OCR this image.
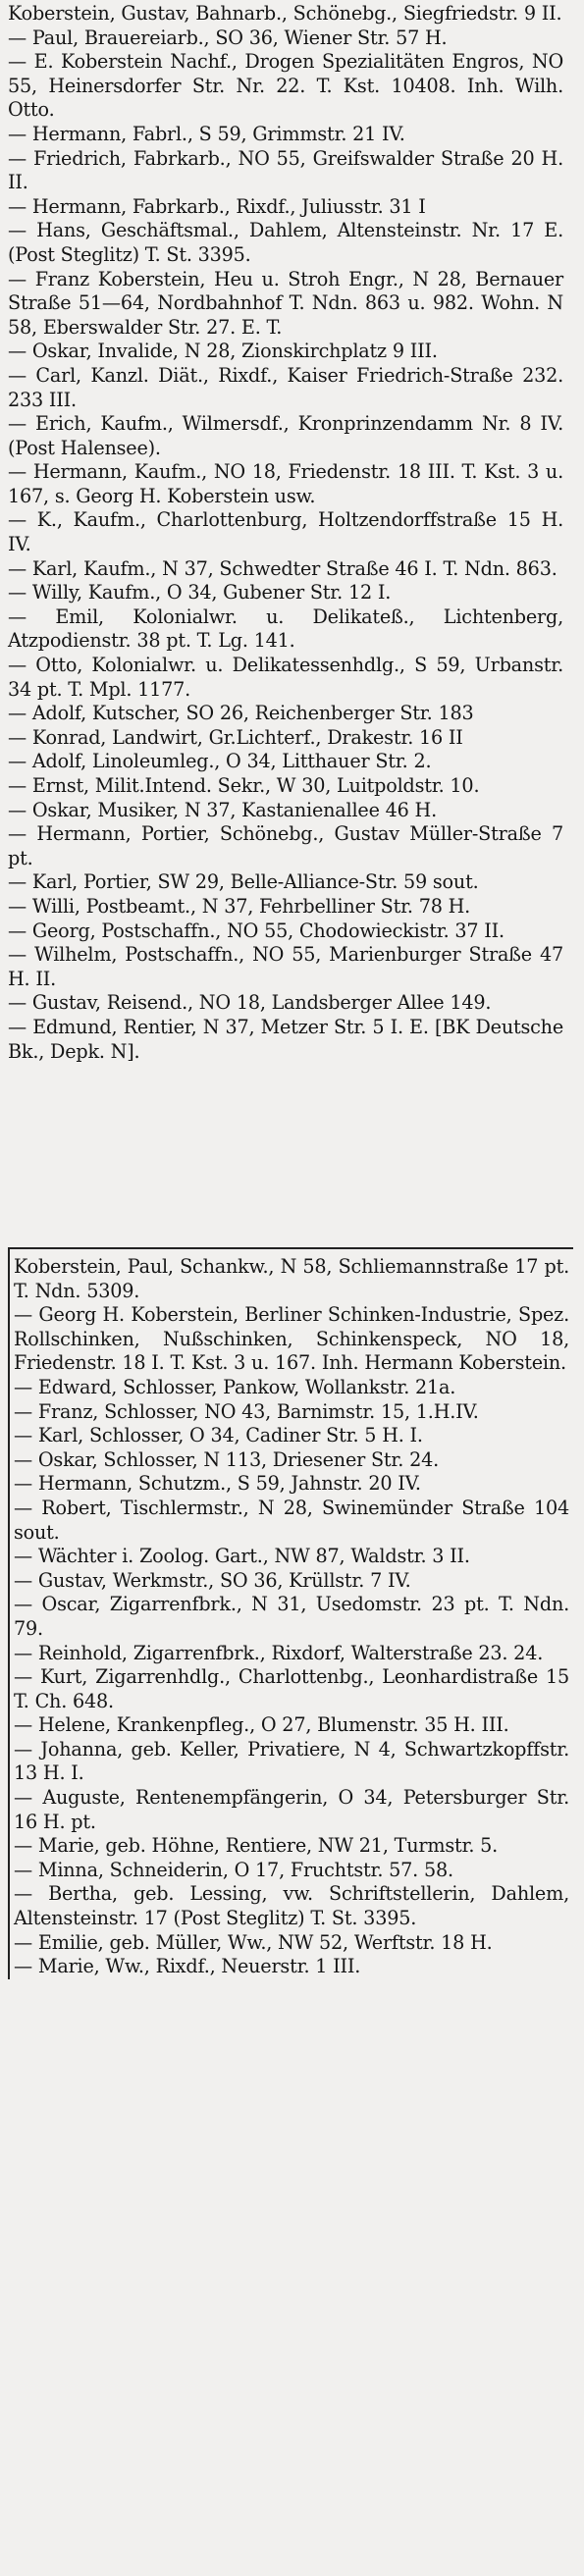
Koberstein, Gustav, Bahnarb., Schönebg., Siegfriedstr. 9 II.

— Paul, Brauereiarb., SO 36, Wiener Str. 57 H.

— E. Koberstein Nachf., Drogen Spezialitäten Engros, NO 55, Heinersdorfer Str. Nr. 22. T. Kst. 10408. Inh. Wilh. Otto.

— Hermann, Fabrl., S 59, Grimmstr. 21 IV.

— Friedrich, Fabrkarb., NO 55, Greifswalder Straße 20 H. II.

— Hermann, Fabrkarb., Rixdf., Juliusstr. 31 I

— Hans, Geschäftsmal., Dahlem, Altensteinstr. Nr. 17 E. (Post Steglitz) T. St. 3395.

— Franz Koberstein, Heu u. Stroh Engr., N 28, Bernauer Straße 51—64, Nordbahnhof T. Ndn. 863 u. 982. Wohn. N 58, Eberswalder Str. 27. E. T.

— Oskar, Invalide, N 28, Zionskirchplatz 9 III.

— Carl, Kanzl. Diät., Rixdf., Kaiser Friedrich-Straße 232. 233 III.

— Erich, Kaufm., Wilmersdf., Kronprinzendamm Nr. 8 IV. (Post Halensee).

— Hermann, Kaufm., NO 18, Friedenstr. 18 III. T. Kst. 3 u. 167, s. Georg H. Koberstein usw.

— K., Kaufm., Charlottenburg, Holtzendorffstraße 15 H. IV.

— Karl, Kaufm., N 37, Schwedter Straße 46 I. T. Ndn. 863.

— Willy, Kaufm., O 34, Gubener Str. 12 I.

— Emil, Kolonialwr. u. Delikateß., Lichtenberg, Atzpodienstr. 38 pt. T. Lg. 141.

— Otto, Kolonialwr. u. Delikatessenhdlg., S 59, Urbanstr. 34 pt. T. Mpl. 1177.

— Adolf, Kutscher, SO 26, Reichenberger Str. 183

— Konrad, Landwirt, Gr.Lichterf., Drakestr. 16 II

— Adolf, Linoleumleg., O 34, Litthauer Str. 2.

— Ernst, Milit.Intend. Sekr., W 30, Luitpoldstr. 10.

— Oskar, Musiker, N 37, Kastanienallee 46 H.

— Hermann, Portier, Schönebg., Gustav Müller-Straße 7 pt.

— Karl, Portier, SW 29, Belle-Alliance-Str. 59 sout.

— Willi, Postbeamt., N 37, Fehrbelliner Str. 78 H.

— Georg, Postschaffn., NO 55, Chodowieckistr. 37 II.

— Wilhelm, Postschaffn., NO 55, Marienburger Straße 47 H. II.

— Gustav, Reisend., NO 18, Landsberger Allee 149.

— Edmund, Rentier, N 37, Metzer Str. 5 I. E. [BK Deutsche Bk., Depk. N].

Koberstein, Paul, Schankw., N 58, Schliemannstraße 17 pt. T. Ndn. 5309.

— Georg H. Koberstein, Berliner Schinken-Industrie, Spez. Rollschinken, Nußschinken, Schinkenspeck, NO 18, Friedenstr. 18 I. T. Kst. 3 u. 167. Inh. Hermann Koberstein.

— Edward, Schlosser, Pankow, Wollankstr. 21a.

— Franz, Schlosser, NO 43, Barnimstr. 15, 1.H.IV.

— Karl, Schlosser, O 34, Cadiner Str. 5 H. I.

— Oskar, Schlosser, N 113, Driesener Str. 24.

— Hermann, Schutzm., S 59, Jahnstr. 20 IV.

— Robert, Tischlermstr., N 28, Swinemünder Straße 104 sout.

— Wächter i. Zoolog. Gart., NW 87, Waldstr. 3 II.

— Gustav, Werkmstr., SO 36, Krüllstr. 7 IV.

— Oscar, Zigarrenfbrk., N 31, Usedomstr. 23 pt. T. Ndn. 79.

— Reinhold, Zigarrenfbrk., Rixdorf, Walterstraße 23. 24.

— Kurt, Zigarrenhdlg., Charlottenbg., Leonhardistraße 15 T. Ch. 648.

— Helene, Krankenpfleg., O 27, Blumenstr. 35 H. III.

— Johanna, geb. Keller, Privatiere, N 4, Schwartzkopffstr. 13 H. I.

— Auguste, Rentenempfängerin, O 34, Petersburger Str. 16 H. pt.

— Marie, geb. Höhne, Rentiere, NW 21, Turmstr. 5.

— Minna, Schneiderin, O 17, Fruchtstr. 57. 58.

— Bertha, geb. Lessing, vw. Schriftstellerin, Dahlem, Altensteinstr. 17 (Post Steglitz) T. St. 3395.

— Emilie, geb. Müller, Ww., NW 52, Werftstr. 18 H.

— Marie, Ww., Rixdf., Neuerstr. 1 III.
